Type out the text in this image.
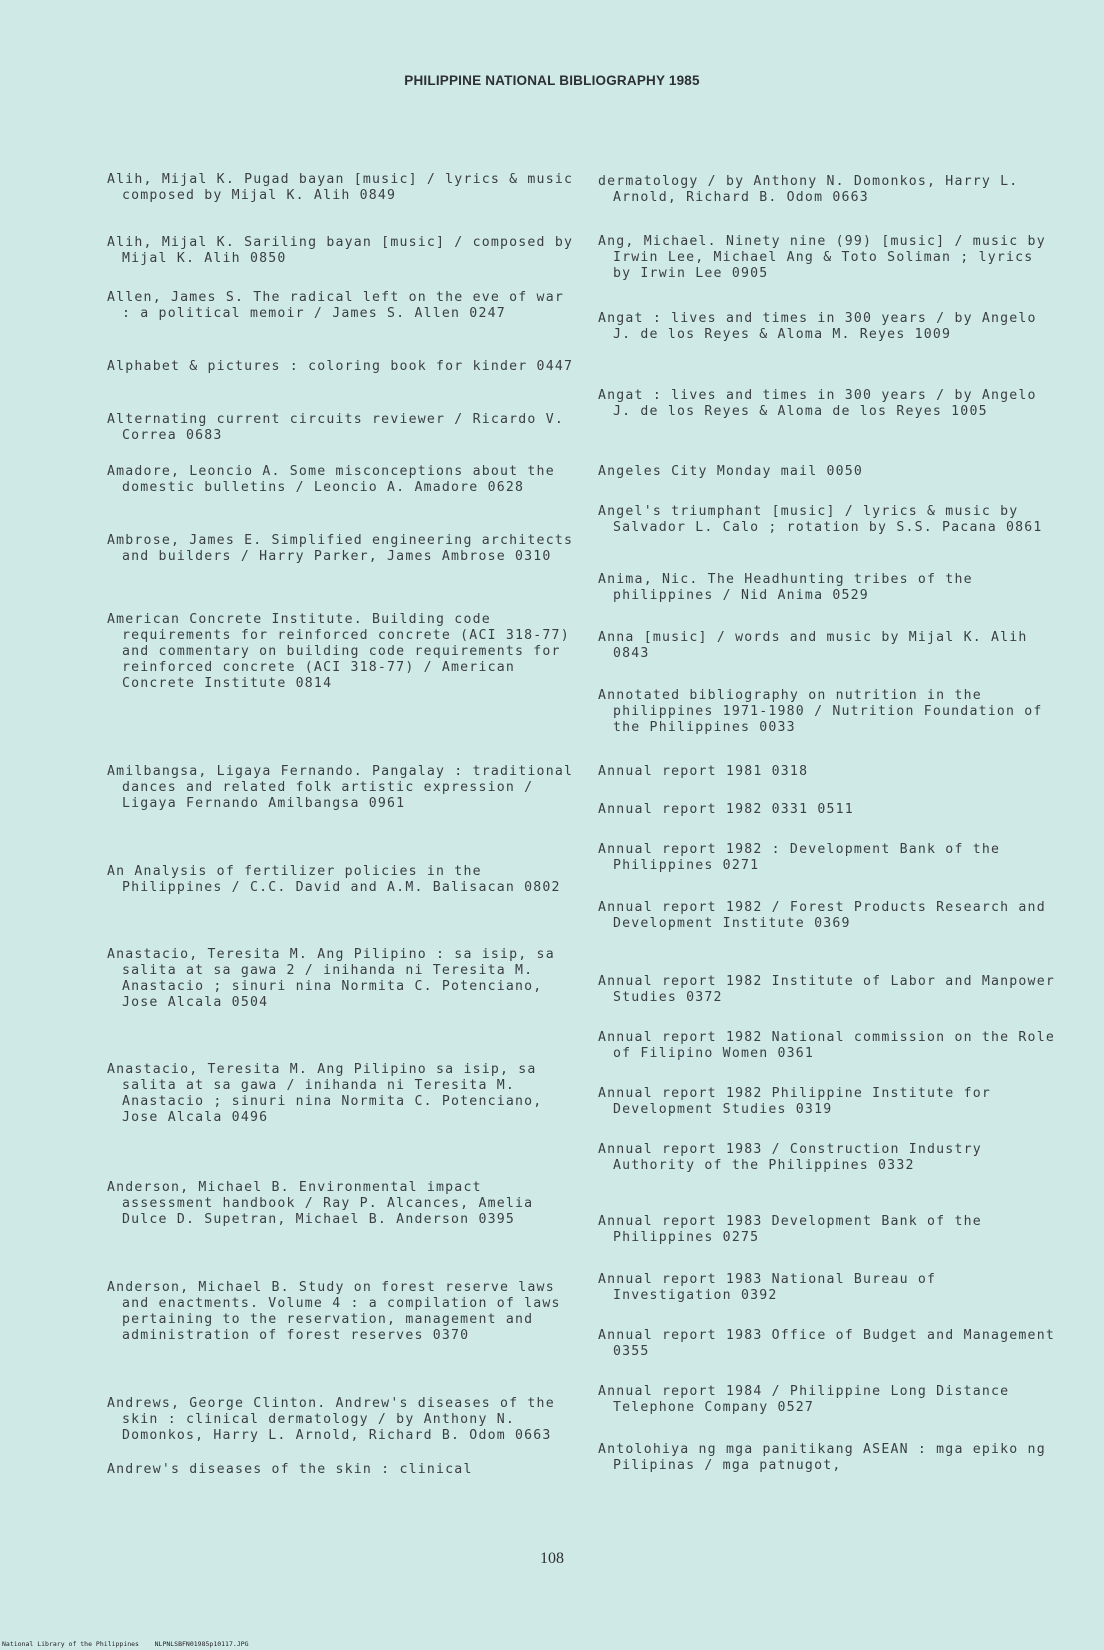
PHILIPPINE NATIONAL BIBLIOGRAPHY 1985
Alih, Mijal K. Pugad bayan [music] / lyrics & music composed by Mijal K. Alih 0849
Alih, Mijal K. Sariling bayan [music] / composed by Mijal K. Alih 0850
Allen, James S. The radical left on the eve of war : a political memoir / James S. Allen 0247
Alphabet & pictures : coloring book for kinder 0447
Alternating current circuits reviewer / Ricardo V. Correa 0683
Amadore, Leoncio A. Some misconceptions about the domestic bulletins / Leoncio A. Amadore 0628
Ambrose, James E. Simplified engineering architects and builders / Harry Parker, James Ambrose 0310
American Concrete Institute. Building code requirements for reinforced concrete (ACI 318-77) and commentary on building code requirements for reinforced concrete (ACI 318-77) / American Concrete Institute 0814
Amilbangsa, Ligaya Fernando. Pangalay : traditional dances and related folk artistic expression / Ligaya Fernando Amilbangsa 0961
An Analysis of fertilizer policies in the Philippines / C.C. David and A.M. Balisacan 0802
Anastacio, Teresita M. Ang Pilipino : sa isip, sa salita at sa gawa 2 / inihanda ni Teresita M. Anastacio ; sinuri nina Normita C. Potenciano, Jose Alcala 0504
Anastacio, Teresita M. Ang Pilipino sa isip, sa salita at sa gawa / inihanda ni Teresita M. Anastacio ; sinuri nina Normita C. Potenciano, Jose Alcala 0496
Anderson, Michael B. Environmental impact assessment handbook / Ray P. Alcances, Amelia Dulce D. Supetran, Michael B. Anderson 0395
Anderson, Michael B. Study on forest reserve laws and enactments. Volume 4 : a compilation of laws pertaining to the reservation, management and administration of forest reserves 0370
Andrews, George Clinton. Andrew's diseases of the skin : clinical dermatology / by Anthony N. Domonkos, Harry L. Arnold, Richard B. Odom 0663
Andrew's diseases of the skin : clinical
dermatology / by Anthony N. Domonkos, Harry L. Arnold, Richard B. Odom 0663
Ang, Michael. Ninety nine (99) [music] / music by Irwin Lee, Michael Ang & Toto Soliman ; lyrics by Irwin Lee 0905
Angat : lives and times in 300 years / by Angelo J. de los Reyes & Aloma M. Reyes 1009
Angat : lives and times in 300 years / by Angelo J. de los Reyes & Aloma de los Reyes 1005
Angeles City Monday mail 0050
Angel's triumphant [music] / lyrics & music by Salvador L. Calo ; rotation by S.S. Pacana 0861
Anima, Nic. The Headhunting tribes of the philippines / Nid Anima 0529
Anna [music] / words and music by Mijal K. Alih 0843
Annotated bibliography on nutrition in the philippines 1971-1980 / Nutrition Foundation of the Philippines 0033
Annual report 1981 0318
Annual report 1982 0331 0511
Annual report 1982 : Development Bank of the Philippines 0271
Annual report 1982 / Forest Products Research and Development Institute 0369
Annual report 1982 Institute of Labor and Manpower Studies 0372
Annual report 1982 National commission on the Role of Filipino Women 0361
Annual report 1982 Philippine Institute for Development Studies 0319
Annual report 1983 / Construction Industry Authority of the Philippines 0332
Annual report 1983 Development Bank of the Philippines 0275
Annual report 1983 National Bureau of Investigation 0392
Annual report 1983 Office of Budget and Management 0355
Annual report 1984 / Philippine Long Distance Telephone Company 0527
Antolohiya ng mga panitikang ASEAN : mga epiko ng Pilipinas / mga patnugot,
108
National Library of the Philippines    NLPNLSBFN01985p10117.JPG
